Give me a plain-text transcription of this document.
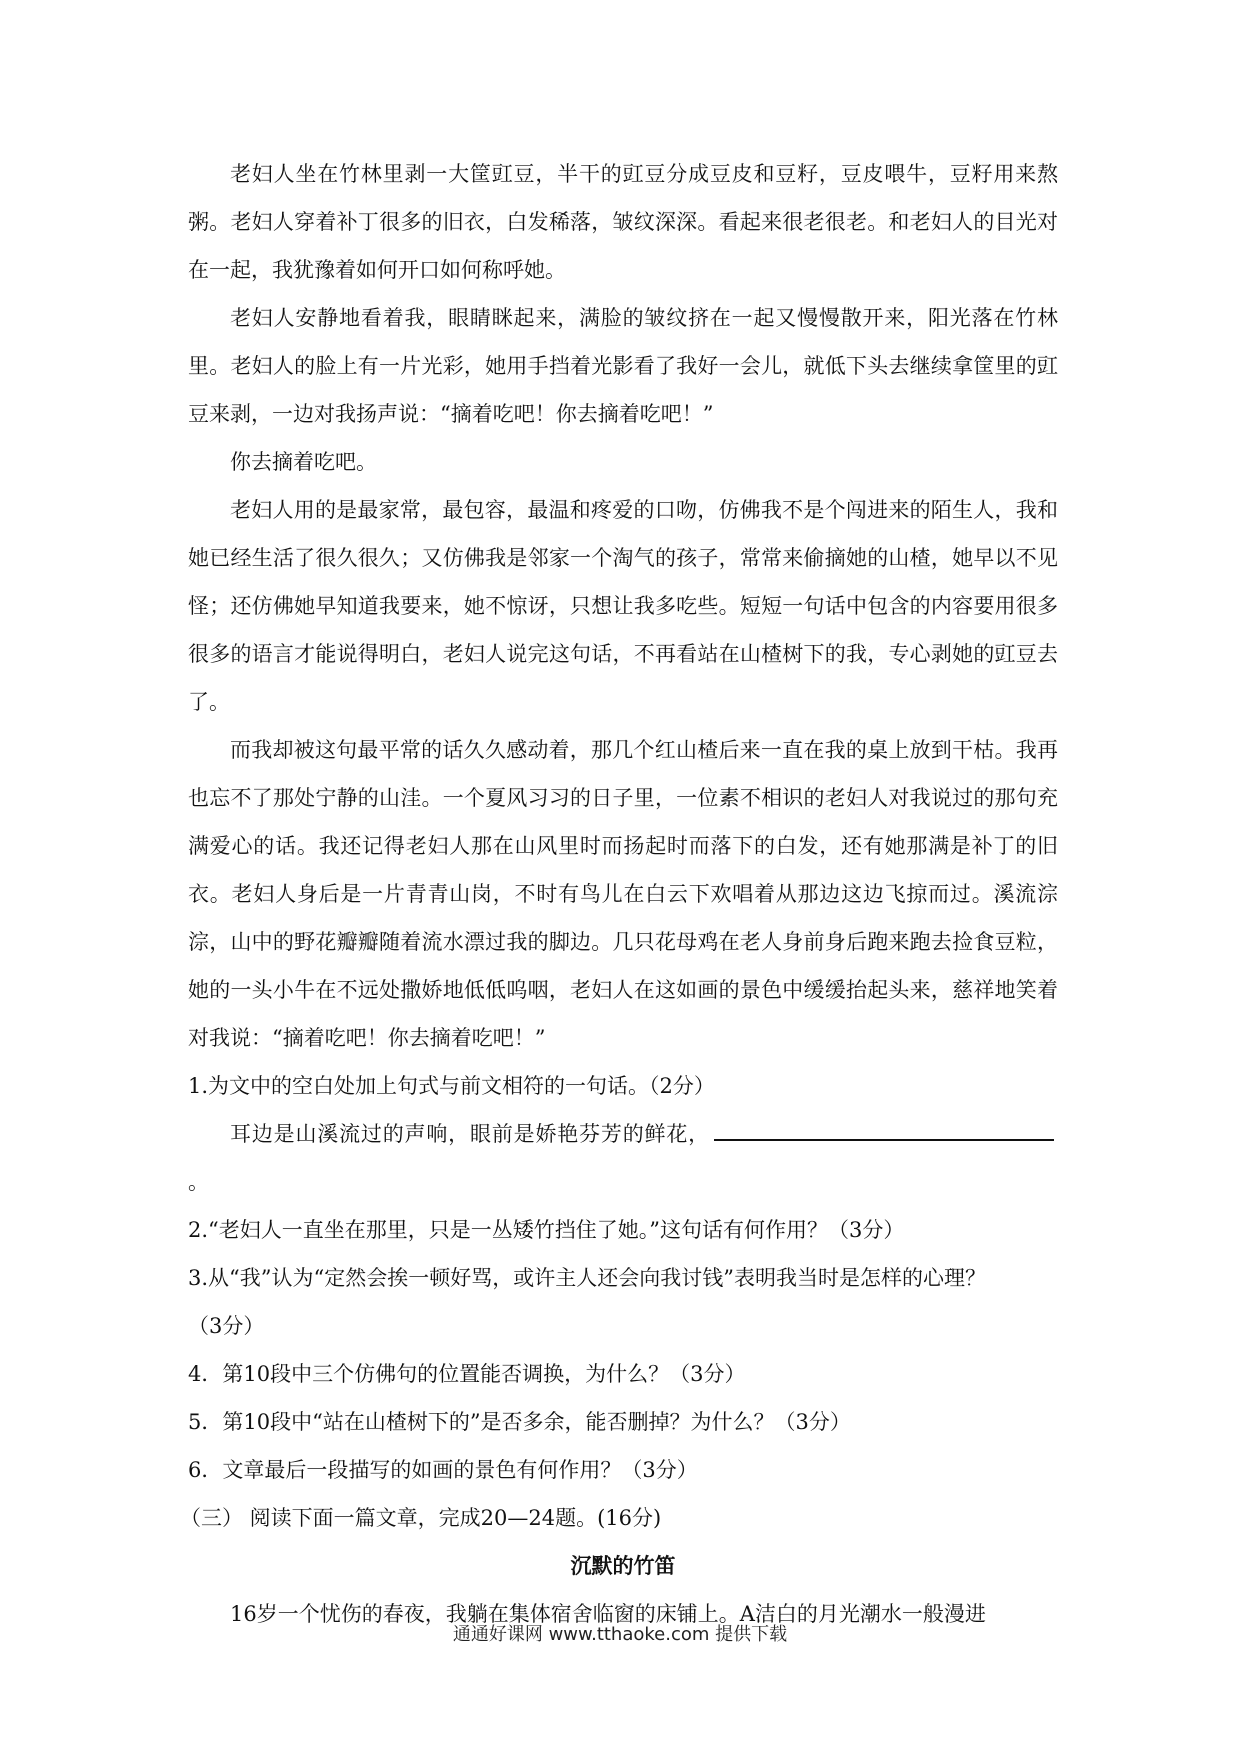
老妇人坐在竹林里剥一大筐豇豆，半干的豇豆分成豆皮和豆籽，豆皮喂牛，豆籽用来熬粥。老妇人穿着补丁很多的旧衣，白发稀落，皱纹深深。看起来很老很老。和老妇人的目光对在一起，我犹豫着如何开口如何称呼她。

老妇人安静地看着我，眼睛眯起来，满脸的皱纹挤在一起又慢慢散开来，阳光落在竹林里。老妇人的脸上有一片光彩，她用手挡着光影看了我好一会儿，就低下头去继续拿筐里的豇豆来剥，一边对我扬声说：“摘着吃吧！你去摘着吃吧！”

你去摘着吃吧。

老妇人用的是最家常，最包容，最温和疼爱的口吻，仿佛我不是个闯进来的陌生人，我和她已经生活了很久很久；又仿佛我是邻家一个淘气的孩子，常常来偷摘她的山楂，她早以不见怪；还仿佛她早知道我要来，她不惊讶，只想让我多吃些。短短一句话中包含的内容要用很多很多的语言才能说得明白，老妇人说完这句话，不再看站在山楂树下的我，专心剥她的豇豆去了。

而我却被这句最平常的话久久感动着，那几个红山楂后来一直在我的桌上放到干枯。我再也忘不了那处宁静的山洼。一个夏风习习的日子里，一位素不相识的老妇人对我说过的那句充满爱心的话。我还记得老妇人那在山风里时而扬起时而落下的白发，还有她那满是补丁的旧衣。老妇人身后是一片青青山岗，不时有鸟儿在白云下欢唱着从那边这边飞掠而过。溪流淙淙，山中的野花瓣瓣随着流水漂过我的脚边。几只花母鸡在老人身前身后跑来跑去捡食豆粒，她的一头小牛在不远处撒娇地低低呜咽，老妇人在这如画的景色中缓缓抬起头来，慈祥地笑着对我说：“摘着吃吧！你去摘着吃吧！”

1.为文中的空白处加上句式与前文相符的一句话。（2分）

耳边是山溪流过的声响，眼前是娇艳芬芳的鲜花，。

2.“老妇人一直坐在那里，只是一丛矮竹挡住了她。”这句话有何作用？（3分）

3.从“我”认为“定然会挨一顿好骂，或许主人还会向我讨钱”表明我当时是怎样的心理？

（3分）

4．第10段中三个仿佛句的位置能否调换，为什么？（3分）

5．第10段中“站在山楂树下的”是否多余，能否删掉？为什么？（3分）

6．文章最后一段描写的如画的景色有何作用？（3分）

（三） 阅读下面一篇文章，完成20—24题。(16分)

沉默的竹笛

16岁一个忧伤的春夜，我躺在集体宿舍临窗的床铺上。A洁白的月光潮水一般漫进

通通好课网 www.tthaoke.com 提供下载
